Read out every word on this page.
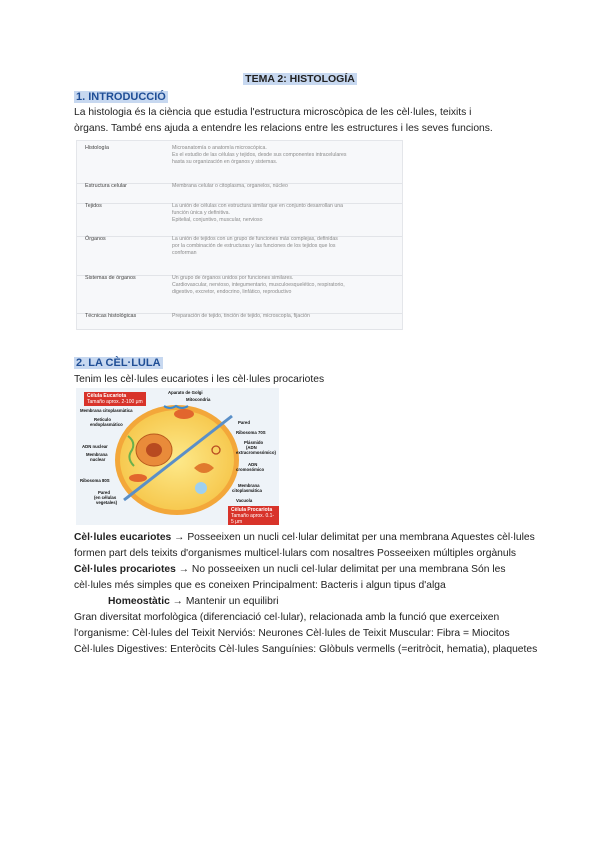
TEMA 2: HISTOLOGÍA
1. INTRODUCCIÓ
La histologia és la ciència que estudia l'estructura microscòpica de les cèl·lules, teixits i
òrgans. També ens ajuda a entendre les relacions entre les estructures i les seves funcions.
Histología	Microanatomía o anatomía microscópica.
Es el estudio de las células y tejidos, desde sus componentes intracelulares
hasta su organización en órganos y sistemas.
Estructura celular	Membrana celular o citoplasma, organelos, núcleo
Tejidos	La unión de células con estructura similar que en conjunto desarrollan una
función única y definitiva.
Epitelial, conjuntivo, muscular, nervioso
Órganos	La unión de tejidos con un grupo de funciones más complejas, definidas
por la combinación de estructuras y las funciones de los tejidos que los
conforman
Sistemas de órganos	Un grupo de órganos unidos por funciones similares.
Cardiovascular, nervioso, integumentario, musculoesquelético, respiratorio,
digestivo, excretor, endocrino, linfático, reproductivo
Técnicas histológicas	Preparación de tejido, tinción de tejido, microscopía, fijación
2. LA CÈL·LULA
Tenim les cèl·lules eucariotes i les cèl·lules procariotes
Cèlula Eucariota
Tamaño aprox. 2-100 μm
Cèlula Procariota
Tamaño aprox. 0.1-5 μm
Aparato de Golgi
Mitocondria
Membrana citoplasmàtica
Retículo
endoplasmático
ADN nuclear
Membrana
nuclear
Ribosoma 80S
Pared
(en células
vegetales)
Pared
Ribosoma 70S
Plásmido
(ADN
extracromosómico)
ADN
cromosómico
Membrana
citoplasmática
Vacuola
Cèl·lules eucariotes → Posseeixen un nucli cel·lular delimitat per una membrana Aquestes cèl·lules
formen part dels teixits d'organismes multicel·lulars com nosaltres Posseeixen múltiples orgànuls
Cèl·lules procariotes → No posseeixen un nucli cel·lular delimitat per una membrana Són les
cèl·lules més simples que es coneixen Principalment: Bacteris i algun tipus d'alga
Homeostàtic → Mantenir un equilibri
Gran diversitat morfològica (diferenciació cel·lular), relacionada amb la funció que exerceixen
l'organisme: Cèl·lules del Teixit Nerviós: Neurones Cèl·lules de Teixit Muscular: Fibra = Miocitos
Cèl·lules Digestives: Enteròcits Cèl·lules Sanguínies: Glòbuls vermells (=eritròcit, hematia), plaquetes
